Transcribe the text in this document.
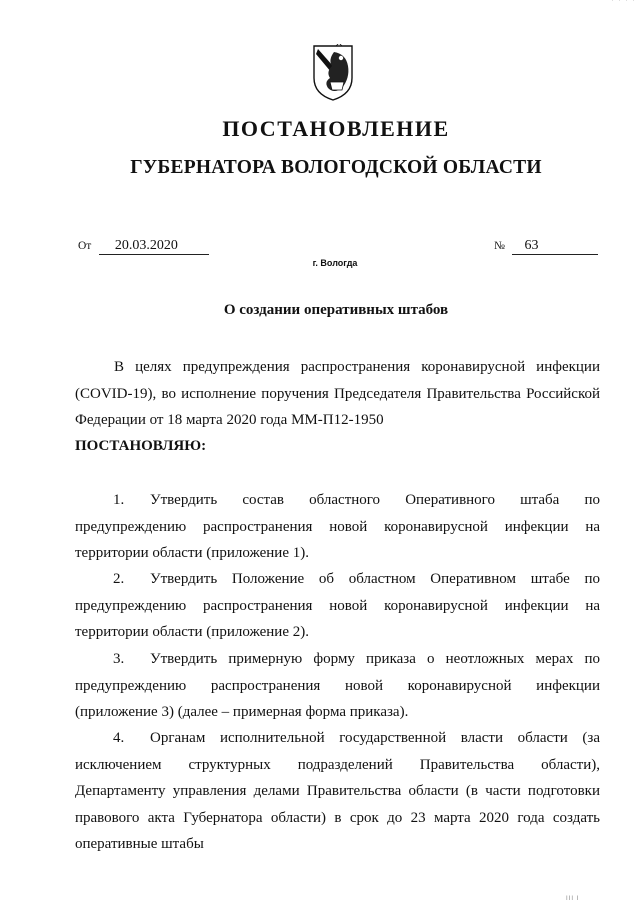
' ' ' '
ПОСТАНОВЛЕНИЕ
ГУБЕРНАТОРА ВОЛОГОДСКОЙ ОБЛАСТИ
От 20.03.2020	№ 63
г. Вологда
О создании оперативных штабов

В целях предупреждения распространения коронавирусной инфекции (COVID-19), во исполнение поручения Председателя Правительства Российской Федерации от 18 марта 2020 года ММ-П12-1950

ПОСТАНОВЛЯЮ:

1. Утвердить состав областного Оперативного штаба по предупреждению распространения новой коронавирусной инфекции на территории области (приложение 1).

2. Утвердить Положение об областном Оперативном штабе по предупреждению распространения новой коронавирусной инфекции на территории области (приложение 2).

3. Утвердить примерную форму приказа о неотложных мерах по предупреждению распространения новой коронавирусной инфекции (приложение 3) (далее – примерная форма приказа).

4. Органам исполнительной государственной власти области (за исключением структурных подразделений Правительства области), Департаменту управления делами Правительства области (в части подготовки правового акта Губернатора области) в срок до 23 марта 2020 года создать оперативные штабы

III I
